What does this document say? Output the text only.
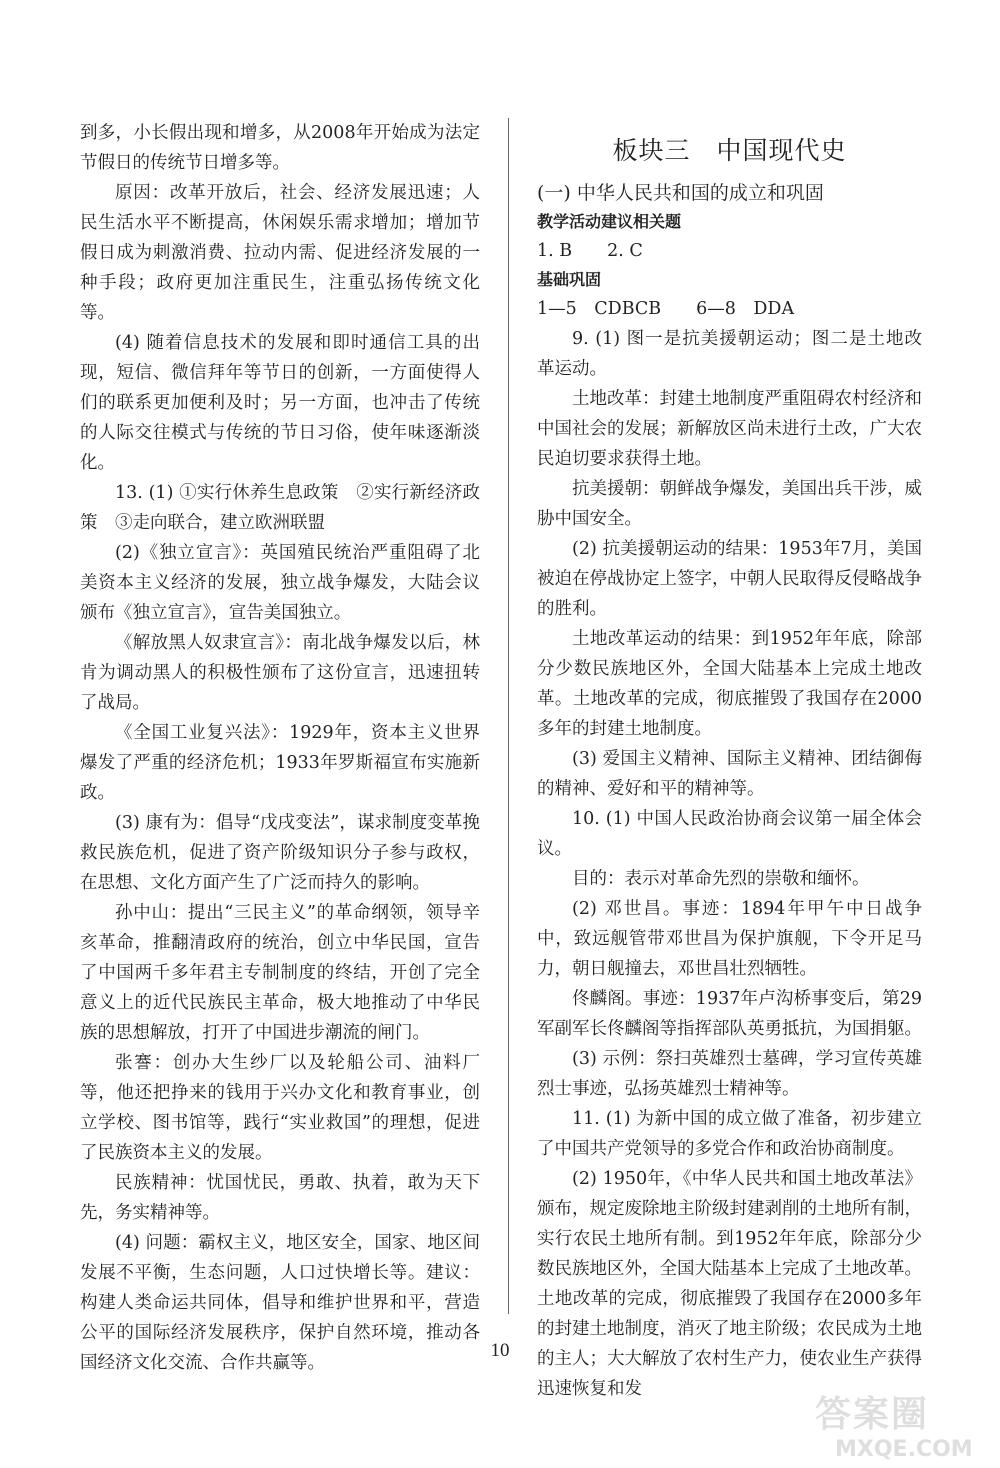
到多，小长假出现和增多，从2008年开始成为法定节假日的传统节日增多等。

原因：改革开放后，社会、经济发展迅速；人民生活水平不断提高，休闲娱乐需求增加；增加节假日成为刺激消费、拉动内需、促进经济发展的一种手段；政府更加注重民生，注重弘扬传统文化等。

(4) 随着信息技术的发展和即时通信工具的出现，短信、微信拜年等节日的创新，一方面使得人们的联系更加便利及时；另一方面，也冲击了传统的人际交往模式与传统的节日习俗，使年味逐渐淡化。

13. (1) ①实行休养生息政策　②实行新经济政策　③走向联合，建立欧洲联盟

(2)《独立宣言》：英国殖民统治严重阻碍了北美资本主义经济的发展，独立战争爆发，大陆会议颁布《独立宣言》，宣告美国独立。

《解放黑人奴隶宣言》：南北战争爆发以后，林肯为调动黑人的积极性颁布了这份宣言，迅速扭转了战局。

《全国工业复兴法》：1929年，资本主义世界爆发了严重的经济危机；1933年罗斯福宣布实施新政。

(3) 康有为：倡导“戊戌变法”，谋求制度变革挽救民族危机，促进了资产阶级知识分子参与政权，在思想、文化方面产生了广泛而持久的影响。

孙中山：提出“三民主义”的革命纲领，领导辛亥革命，推翻清政府的统治，创立中华民国，宣告了中国两千多年君主专制制度的终结，开创了完全意义上的近代民族民主革命，极大地推动了中华民族的思想解放，打开了中国进步潮流的闸门。

张謇：创办大生纱厂以及轮船公司、油料厂等，他还把挣来的钱用于兴办文化和教育事业，创立学校、图书馆等，践行“实业救国”的理想，促进了民族资本主义的发展。

民族精神：忧国忧民，勇敢、执着，敢为天下先，务实精神等。

(4) 问题：霸权主义，地区安全，国家、地区间发展不平衡，生态问题，人口过快增长等。建议：构建人类命运共同体，倡导和维护世界和平，营造公平的国际经济发展秩序，保护自然环境，推动各国经济文化交流、合作共赢等。

板块三　中国现代史

(一) 中华人民共和国的成立和巩固

教学活动建议相关题

1. B　　2. C

基础巩固

1—5　CDBCB　　6—8　DDA

9. (1) 图一是抗美援朝运动；图二是土地改革运动。

土地改革：封建土地制度严重阻碍农村经济和中国社会的发展；新解放区尚未进行土改，广大农民迫切要求获得土地。

抗美援朝：朝鲜战争爆发，美国出兵干涉，威胁中国安全。

(2) 抗美援朝运动的结果：1953年7月，美国被迫在停战协定上签字，中朝人民取得反侵略战争的胜利。

土地改革运动的结果：到1952年年底，除部分少数民族地区外，全国大陆基本上完成土地改革。土地改革的完成，彻底摧毁了我国存在2000多年的封建土地制度。

(3) 爱国主义精神、国际主义精神、团结御侮的精神、爱好和平的精神等。

10. (1) 中国人民政治协商会议第一届全体会议。

目的：表示对革命先烈的崇敬和缅怀。

(2) 邓世昌。事迹：1894年甲午中日战争中，致远舰管带邓世昌为保护旗舰，下令开足马力，朝日舰撞去，邓世昌壮烈牺牲。

佟麟阁。事迹：1937年卢沟桥事变后，第29军副军长佟麟阁等指挥部队英勇抵抗，为国捐躯。

(3) 示例：祭扫英雄烈士墓碑，学习宣传英雄烈士事迹，弘扬英雄烈士精神等。

11. (1) 为新中国的成立做了准备，初步建立了中国共产党领导的多党合作和政治协商制度。

(2) 1950年，《中华人民共和国土地改革法》颁布，规定废除地主阶级封建剥削的土地所有制，实行农民土地所有制。到1952年年底，除部分少数民族地区外，全国大陆基本上完成了土地改革。土地改革的完成，彻底摧毁了我国存在2000多年的封建土地制度，消灭了地主阶级；农民成为土地的主人；大大解放了农村生产力，使农业生产获得迅速恢复和发

10
答案圈
MXQE.COM
